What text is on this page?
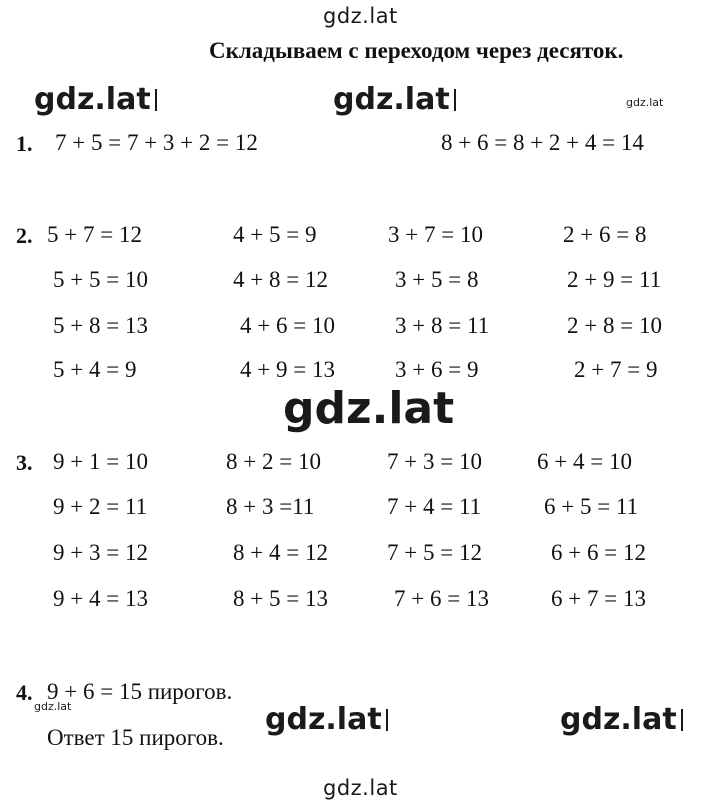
gdz.lat
gdz.lat	gdz.lat	gdz.lat
gdz.lat
gdz.lat	gdz.lat	gdz.lat
gdz.lat
Складываем с переходом через десяток.
1. 7 + 5 = 7 + 3 + 2 = 12	8 + 6 = 8 + 2 + 4 = 14
2. 5 + 7 = 12	4 + 5 = 9	3 + 7 = 10	2 + 6 = 8
5 + 5 = 10	4 + 8 = 12	3 + 5 = 8	2 + 9 = 11
5 + 8 = 13	4 + 6 = 10	3 + 8 = 11	2 + 8 = 10
5 + 4 = 9	4 + 9 = 13	3 + 6 = 9	2 + 7 = 9
3. 9 + 1 = 10	8 + 2 = 10	7 + 3 = 10 6 + 4 = 10
9 + 2 = 11	8 + 3 =11	7 + 4 = 11	6 + 5 = 11
9 + 3 = 12	8 + 4 = 12	7 + 5 = 12	6 + 6 = 12
9 + 4 = 13	8 + 5 = 13	7 + 6 = 13	6 + 7 = 13
4. 9 + 6 = 15 пирогов.
Ответ 15 пирогов.
